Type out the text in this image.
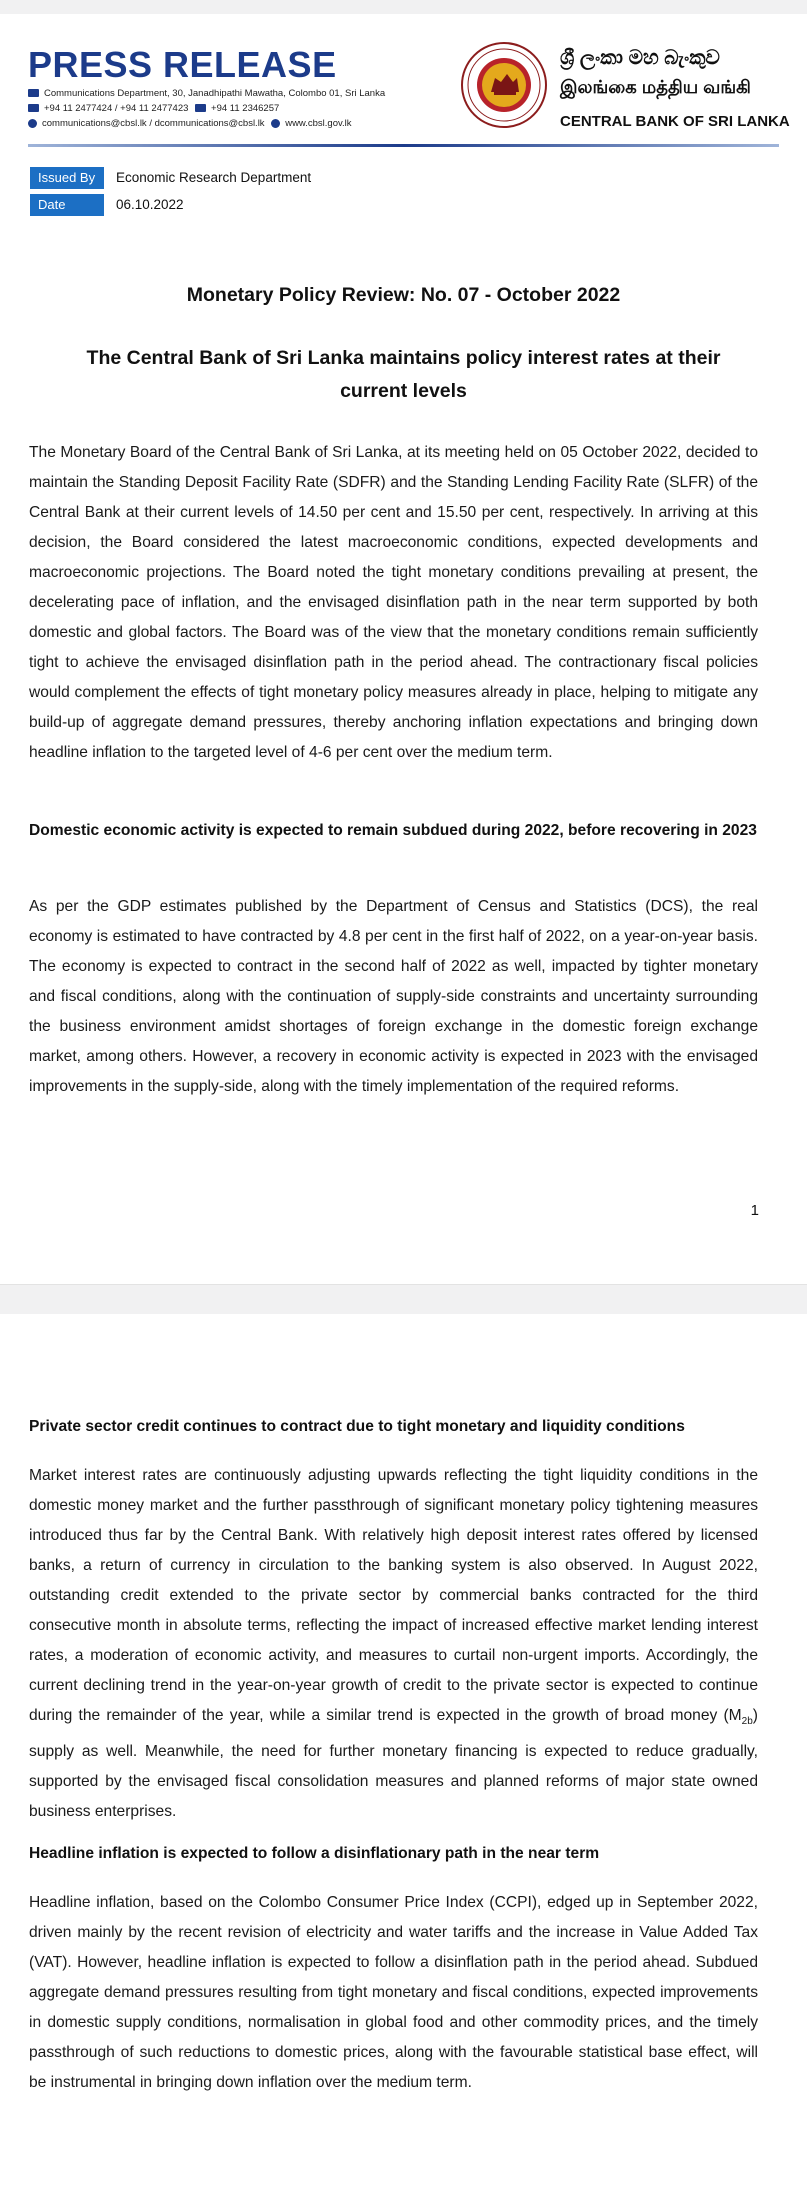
PRESS RELEASE
Communications Department, 30, Janadhipathi Mawatha, Colombo 01, Sri Lanka
+94 11 2477424 / +94 11 2477423 +94 11 2346257
communications@cbsl.lk / dcommunications@cbsl.lk www.cbsl.gov.lk
ශ්‍රී ලංකා මහ බැංකුව
இலங்கை மத்திய வங்கி
CENTRAL BANK OF SRI LANKA
Issued By	Economic Research Department
Date	06.10.2022
Monetary Policy Review: No. 07 - October 2022
The Central Bank of Sri Lanka maintains policy interest rates at their current levels
The Monetary Board of the Central Bank of Sri Lanka, at its meeting held on 05 October 2022, decided to maintain the Standing Deposit Facility Rate (SDFR) and the Standing Lending Facility Rate (SLFR) of the Central Bank at their current levels of 14.50 per cent and 15.50 per cent, respectively. In arriving at this decision, the Board considered the latest macroeconomic conditions, expected developments and macroeconomic projections. The Board noted the tight monetary conditions prevailing at present, the decelerating pace of inflation, and the envisaged disinflation path in the near term supported by both domestic and global factors. The Board was of the view that the monetary conditions remain sufficiently tight to achieve the envisaged disinflation path in the period ahead. The contractionary fiscal policies would complement the effects of tight monetary policy measures already in place, helping to mitigate any build-up of aggregate demand pressures, thereby anchoring inflation expectations and bringing down headline inflation to the targeted level of 4-6 per cent over the medium term.
Domestic economic activity is expected to remain subdued during 2022, before recovering in 2023
As per the GDP estimates published by the Department of Census and Statistics (DCS), the real economy is estimated to have contracted by 4.8 per cent in the first half of 2022, on a year-on-year basis. The economy is expected to contract in the second half of 2022 as well, impacted by tighter monetary and fiscal conditions, along with the continuation of supply-side constraints and uncertainty surrounding the business environment amidst shortages of foreign exchange in the domestic foreign exchange market, among others. However, a recovery in economic activity is expected in 2023 with the envisaged improvements in the supply-side, along with the timely implementation of the required reforms.
1
Private sector credit continues to contract due to tight monetary and liquidity conditions
Market interest rates are continuously adjusting upwards reflecting the tight liquidity conditions in the domestic money market and the further passthrough of significant monetary policy tightening measures introduced thus far by the Central Bank. With relatively high deposit interest rates offered by licensed banks, a return of currency in circulation to the banking system is also observed. In August 2022, outstanding credit extended to the private sector by commercial banks contracted for the third consecutive month in absolute terms, reflecting the impact of increased effective market lending interest rates, a moderation of economic activity, and measures to curtail non-urgent imports. Accordingly, the current declining trend in the year-on-year growth of credit to the private sector is expected to continue during the remainder of the year, while a similar trend is expected in the growth of broad money $(M_{2b})$ supply as well. Meanwhile, the need for further monetary financing is expected to reduce gradually, supported by the envisaged fiscal consolidation measures and planned reforms of major state owned business enterprises.
Headline inflation is expected to follow a disinflationary path in the near term
Headline inflation, based on the Colombo Consumer Price Index (CCPI), edged up in September 2022, driven mainly by the recent revision of electricity and water tariffs and the increase in Value Added Tax (VAT). However, headline inflation is expected to follow a disinflation path in the period ahead. Subdued aggregate demand pressures resulting from tight monetary and fiscal conditions, expected improvements in domestic supply conditions, normalisation in global food and other commodity prices, and the timely passthrough of such reductions to domestic prices, along with the favourable statistical base effect, will be instrumental in bringing down inflation over the medium term.
